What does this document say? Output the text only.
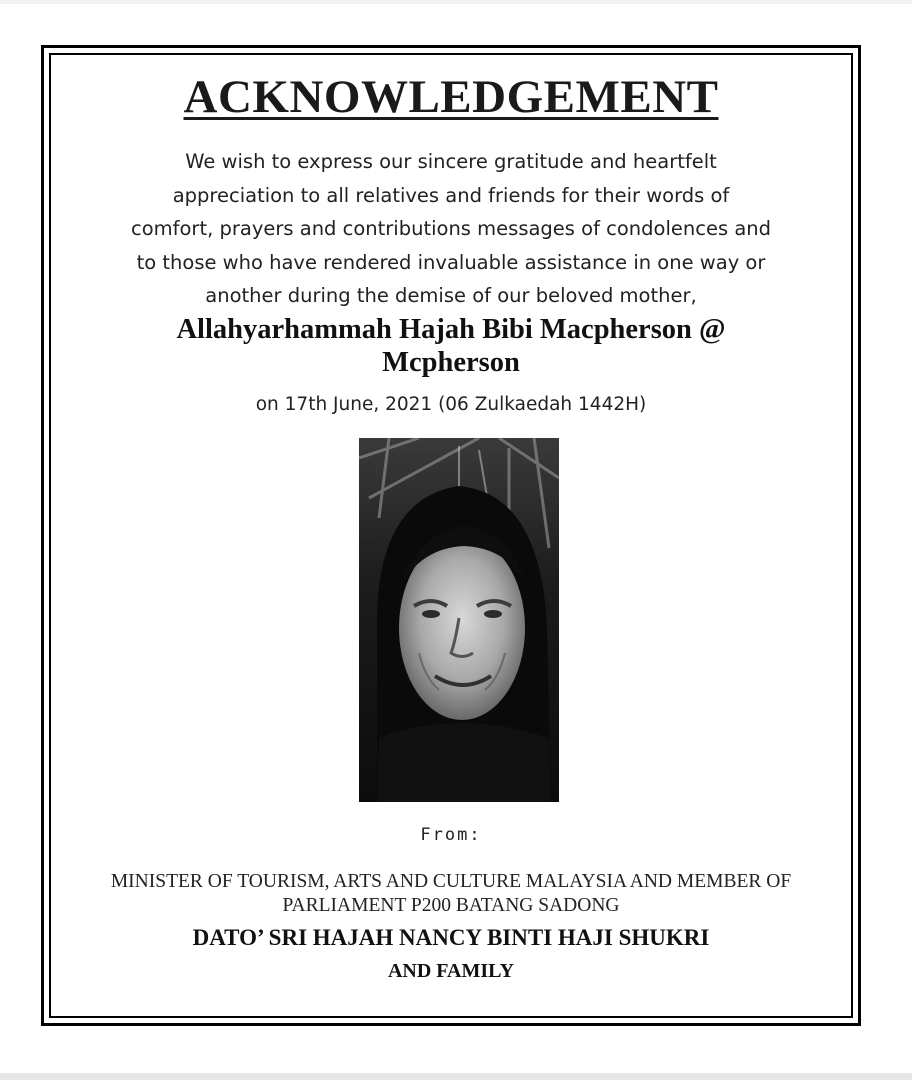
ACKNOWLEDGEMENT
We wish to express our sincere gratitude and heartfelt
appreciation to all relatives and friends for their words of
comfort, prayers and contributions messages of condolences and
to those who have rendered invaluable assistance in one way or
another during the demise of our beloved mother,
Allahyarhammah Hajah Bibi Macpherson @
Mcpherson
on 17th June, 2021 (06 Zulkaedah 1442H)
From:
MINISTER OF TOURISM, ARTS AND CULTURE MALAYSIA AND MEMBER OF
PARLIAMENT P200 BATANG SADONG
DATO’ SRI HAJAH NANCY BINTI HAJI SHUKRI
AND FAMILY
